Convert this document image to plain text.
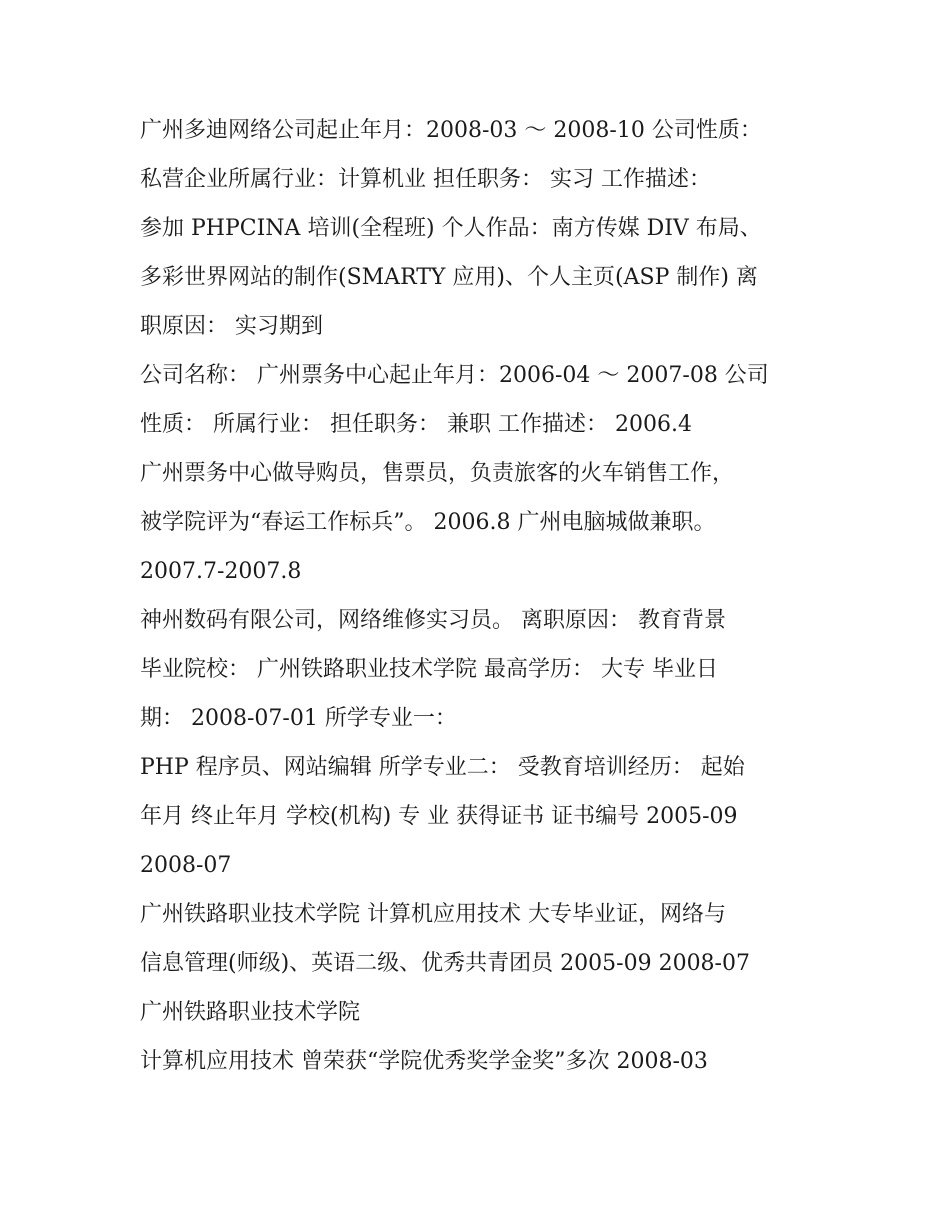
广州多迪网络公司起止年月：2008-03 ～ 2008-10 公司性质：
私营企业所属行业：计算机业 担任职务： 实习 工作描述：
参加 PHPCINA 培训(全程班) 个人作品：南方传媒 DIV 布局、
多彩世界网站的制作(SMARTY 应用)、个人主页(ASP 制作) 离
职原因： 实习期到
公司名称： 广州票务中心起止年月：2006-04 ～ 2007-08 公司
性质： 所属行业： 担任职务： 兼职 工作描述： 2006.4
广州票务中心做导购员，售票员，负责旅客的火车销售工作，
被学院评为“春运工作标兵”。 2006.8 广州电脑城做兼职。
2007.7-2007.8
神州数码有限公司，网络维修实习员。 离职原因： 教育背景
毕业院校： 广州铁路职业技术学院 最高学历： 大专 毕业日
期： 2008-07-01 所学专业一：
PHP 程序员、网站编辑 所学专业二： 受教育培训经历： 起始
年月 终止年月 学校(机构) 专 业 获得证书 证书编号 2005-09
2008-07
广州铁路职业技术学院 计算机应用技术 大专毕业证，网络与
信息管理(师级)、英语二级、优秀共青团员 2005-09 2008-07
广州铁路职业技术学院
计算机应用技术 曾荣获“学院优秀奖学金奖”多次 2008-03
